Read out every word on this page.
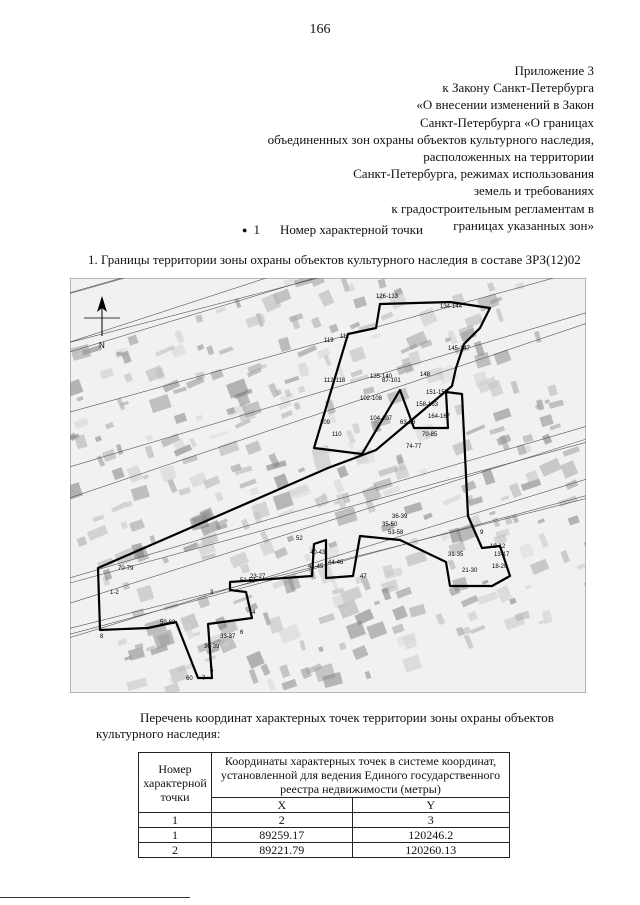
166
Приложение 3
к Закону Санкт-Петербурга
«О внесении изменений в Закон
Санкт-Петербурга «О границах
объединенных зон охраны объектов культурного наследия,
расположенных на территории
Санкт-Петербурга, режимах использования
земель и требованиях
к градостроительным регламентам в
границах указанных зон»
● 1 Номер характерной точки
1. Границы территории зоны охраны объектов культурного наследия в составе ЗРЗ(12)02
N
126-133
134-144
111
145-147
148
119
135-140
112-118	87-101
151-155
102-108
104-107
158-163
109
110
63-86
164-167
70-85
74-77
36-39
35-50
53-58	9
10-12
13-17
18-20
31-35
21-30
52
44-46
40-43
47
41-45
23-27
51-52
3
4
5
7
8
59-68
70-79
1-2
6
33-37
30-39
60
Перечень координат характерных точек территории зоны охраны объектов культурного наследия:
Номер характерной точки	Координаты характерных точек в системе координат, установленной для ведения Единого государственного реестра недвижимости (метры)	
	X	Y
1	2	3
1	89259.17	120246.2
2	89221.79	120260.13
